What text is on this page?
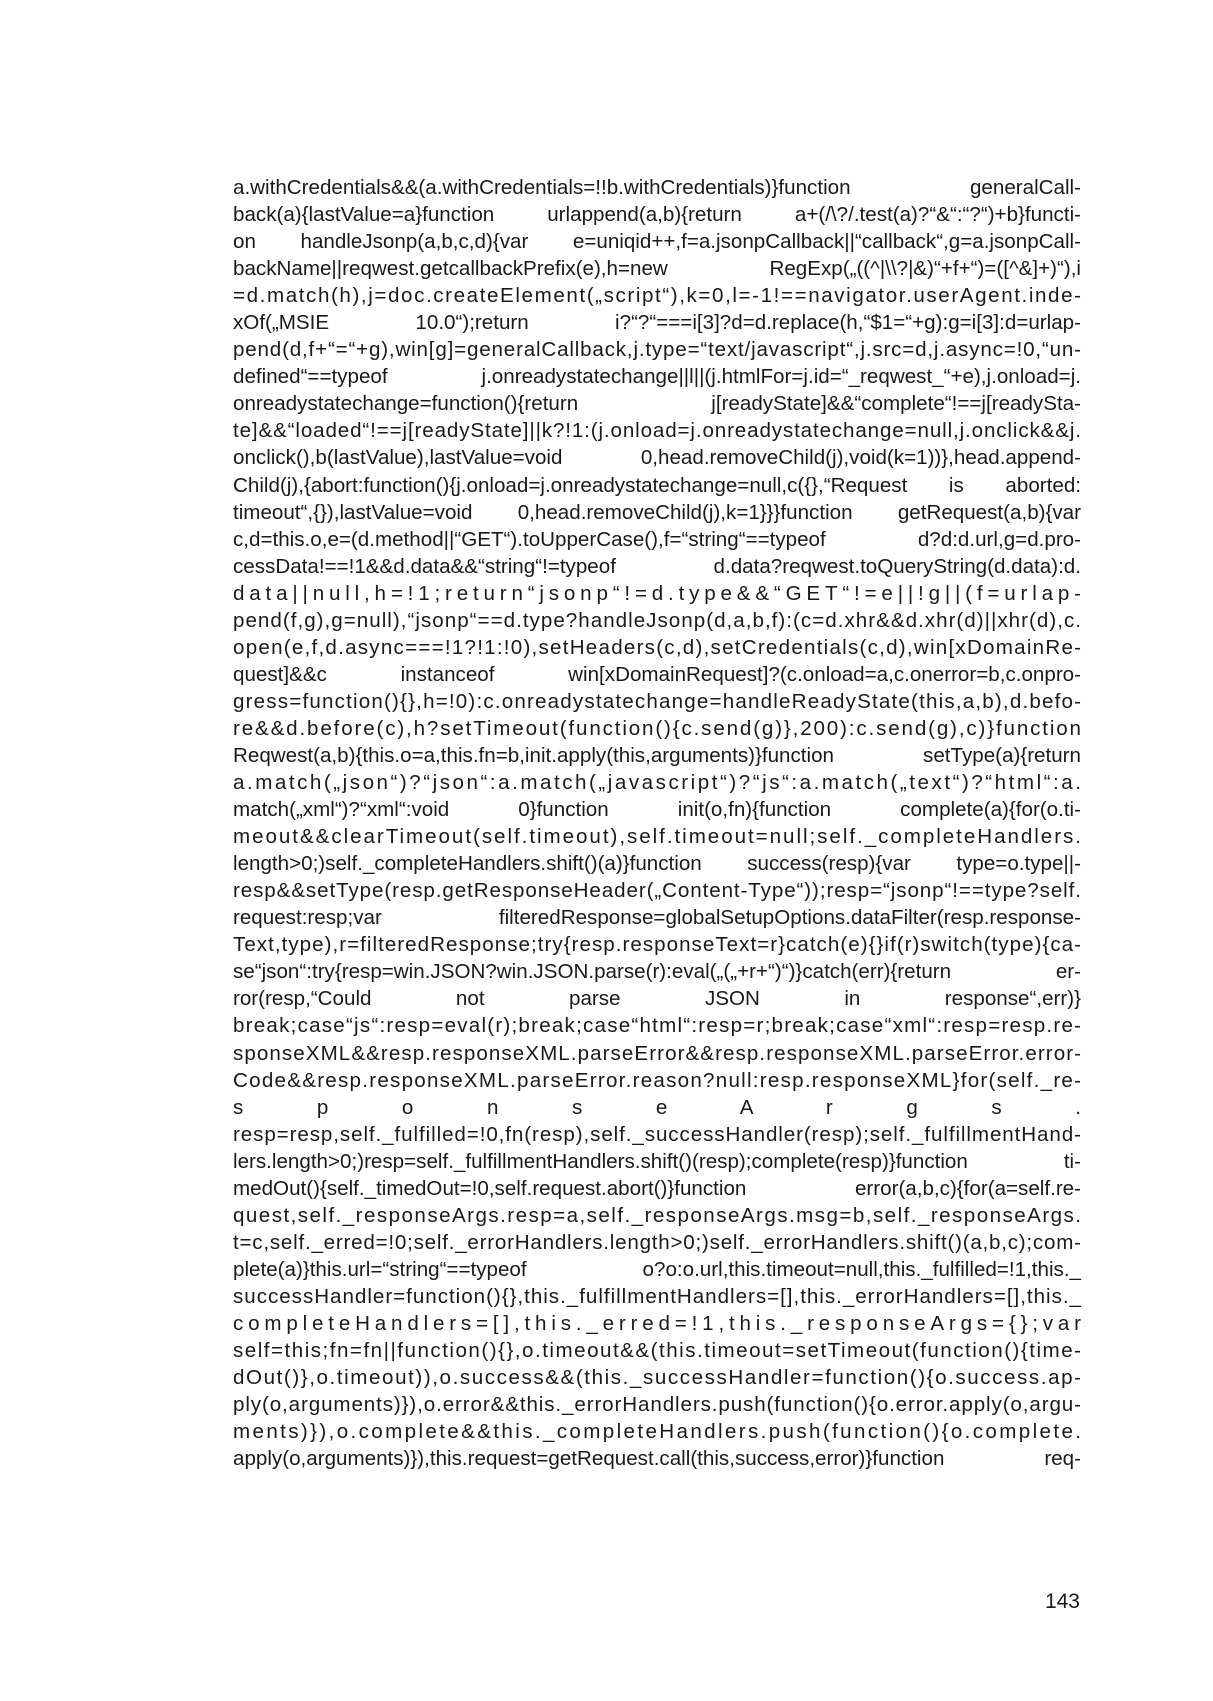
a.withCredentials&&(a.withCredentials=!!b.withCredentials)}function generalCall-
back(a){lastValue=a}function urlappend(a,b){return a+(/\?/.test(a)?“&“:“?“)+b}functi-
on handleJsonp(a,b,c,d){var e=uniqid++,f=a.jsonpCallback||“callback“,g=a.jsonpCall-
backName||reqwest.getcallbackPrefix(e),h=new RegExp(„((^|\\?|&)“+f+“)=([^&]+)“),i
=d.match(h),j=doc.createElement(„script“),k=0,l=-1!==navigator.userAgent.inde-
xOf(„MSIE 10.0“);return i?“?“===i[3]?d=d.replace(h,“$1=“+g):g=i[3]:d=urlap-
pend(d,f+“=“+g),win[g]=generalCallback,j.type=“text/javascript“,j.src=d,j.async=!0,“un-
defined“==typeof j.onreadystatechange||l||(j.htmlFor=j.id=“_reqwest_“+e),j.onload=j.
onreadystatechange=function(){return j[readyState]&&“complete“!==j[readySta-
te]&&“loaded“!==j[readyState]||k?!1:(j.onload=j.onreadystatechange=null,j.onclick&&j.
onclick(),b(lastValue),lastValue=void 0,head.removeChild(j),void(k=1))},head.append-
Child(j),{abort:function(){j.onload=j.onreadystatechange=null,c({},“Request is aborted:
timeout“,{}),lastValue=void 0,head.removeChild(j),k=1}}}function getRequest(a,b){var
c,d=this.o,e=(d.method||“GET“).toUpperCase(),f=“string“==typeof d?d:d.url,g=d.pro-
cessData!==!1&&d.data&&“string“!=typeof d.data?reqwest.toQueryString(d.data):d.
data||null,h=!1;return“jsonp“!=d.type&&“GET“!=e||!g||(f=urlap-
pend(f,g),g=null),“jsonp“==d.type?handleJsonp(d,a,b,f):(c=d.xhr&&d.xhr(d)||xhr(d),c.
open(e,f,d.async===!1?!1:!0),setHeaders(c,d),setCredentials(c,d),win[xDomainRe-
quest]&&c instanceof win[xDomainRequest]?(c.onload=a,c.onerror=b,c.onpro-
gress=function(){},h=!0):c.onreadystatechange=handleReadyState(this,a,b),d.befo-
re&&d.before(c),h?setTimeout(function(){c.send(g)},200):c.send(g),c)}function
Reqwest(a,b){this.o=a,this.fn=b,init.apply(this,arguments)}function setType(a){return
a.match(„json“)?“json“:a.match(„javascript“)?“js“:a.match(„text“)?“html“:a.
match(„xml“)?“xml“:void 0}function init(o,fn){function complete(a){for(o.ti-
meout&&clearTimeout(self.timeout),self.timeout=null;self._completeHandlers.
length>0;)self._completeHandlers.shift()(a)}function success(resp){var type=o.type||-
resp&&setType(resp.getResponseHeader(„Content-Type“));resp=“jsonp“!==type?self.
request:resp;var filteredResponse=globalSetupOptions.dataFilter(resp.response-
Text,type),r=filteredResponse;try{resp.responseText=r}catch(e){}if(r)switch(type){ca-
se“json“:try{resp=win.JSON?win.JSON.parse(r):eval(„(„+r+“)“)}catch(err){return er-
ror(resp,“Could not parse JSON in response“,err)}
break;case“js“:resp=eval(r);break;case“html“:resp=r;break;case“xml“:resp=resp.re-
sponseXML&&resp.responseXML.parseError&&resp.responseXML.parseError.error-
Code&&resp.responseXML.parseError.reason?null:resp.responseXML}for(self._re-
s p o n s e A r g s .
resp=resp,self._fulfilled=!0,fn(resp),self._successHandler(resp);self._fulfillmentHand-
lers.length>0;)resp=self._fulfillmentHandlers.shift()(resp);complete(resp)}function ti-
medOut(){self._timedOut=!0,self.request.abort()}function error(a,b,c){for(a=self.re-
quest,self._responseArgs.resp=a,self._responseArgs.msg=b,self._responseArgs.
t=c,self._erred=!0;self._errorHandlers.length>0;)self._errorHandlers.shift()(a,b,c);com-
plete(a)}this.url=“string“==typeof o?o:o.url,this.timeout=null,this._fulfilled=!1,this._
successHandler=function(){},this._fulfillmentHandlers=[],this._errorHandlers=[],this._
completeHandlers=[],this._erred=!1,this._responseArgs={};var
self=this;fn=fn||function(){},o.timeout&&(this.timeout=setTimeout(function(){time-
dOut()},o.timeout)),o.success&&(this._successHandler=function(){o.success.ap-
ply(o,arguments)}),o.error&&this._errorHandlers.push(function(){o.error.apply(o,argu-
ments)}),o.complete&&this._completeHandlers.push(function(){o.complete.
apply(o,arguments)}),this.request=getRequest.call(this,success,error)}function req-
143
